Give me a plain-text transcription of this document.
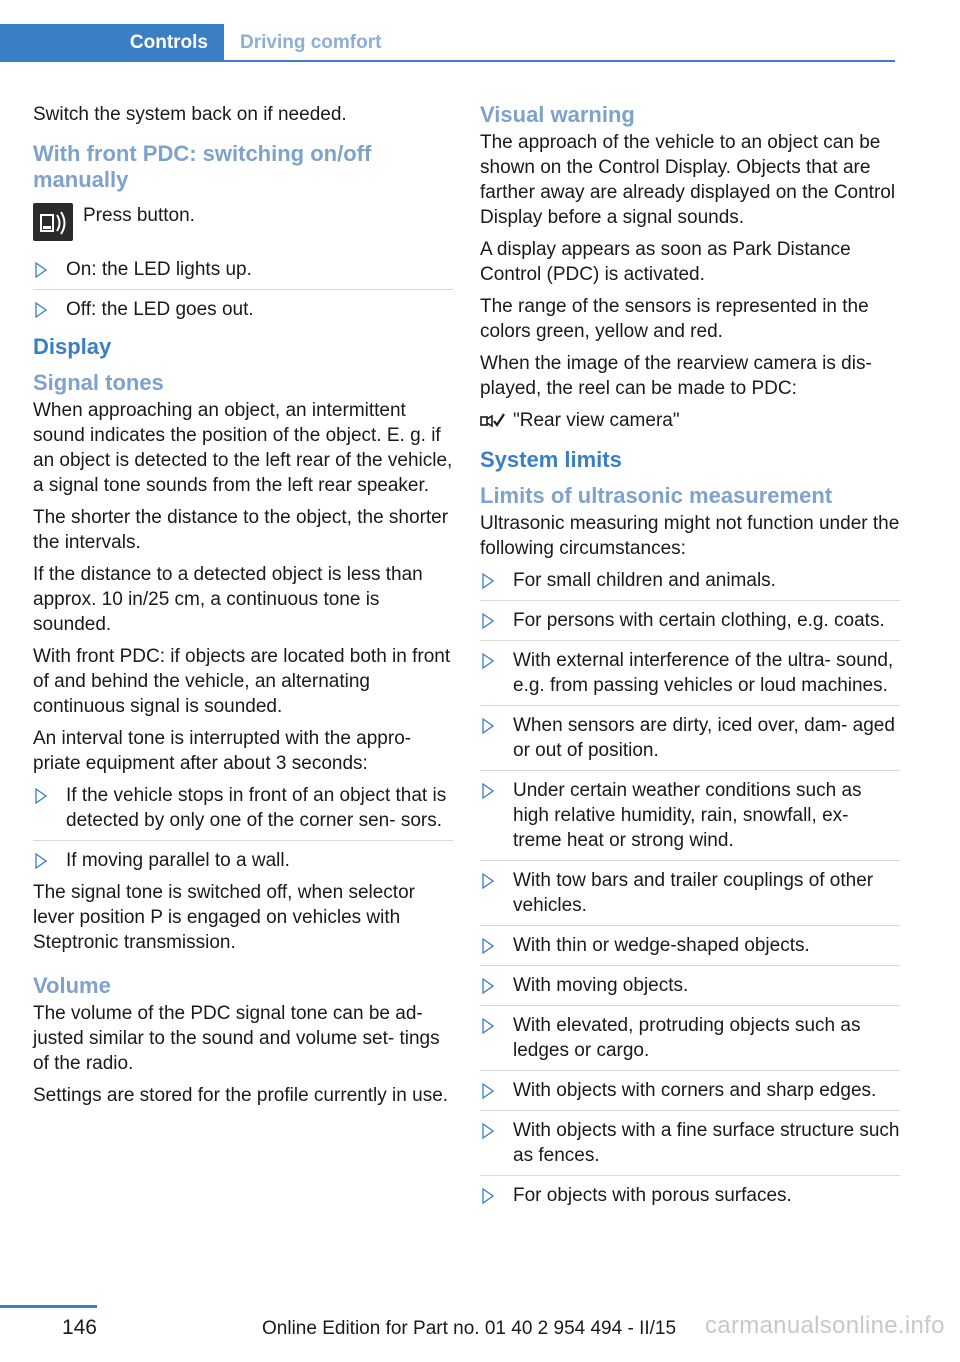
Controls	Driving comfort

Switch the system back on if needed.

With front PDC: switching on/off manually
Press button.
On: the LED lights up.
Off: the LED goes out.
Display
Signal tones

When approaching an object, an intermittent sound indicates the position of the object. E. g. if an object is detected to the left rear of the vehicle, a signal tone sounds from the left rear speaker.

The shorter the distance to the object, the shorter the intervals.

If the distance to a detected object is less than approx. 10 in/25 cm, a continuous tone is sounded.

With front PDC: if objects are located both in front of and behind the vehicle, an alternating continuous signal is sounded.

An interval tone is interrupted with the appro‐ priate equipment after about 3 seconds:

If the vehicle stops in front of an object that is detected by only one of the corner sen‐ sors.
If moving parallel to a wall.

The signal tone is switched off, when selector lever position P is engaged on vehicles with Steptronic transmission.

Volume

The volume of the PDC signal tone can be ad‐ justed similar to the sound and volume set‐ tings of the radio.

Settings are stored for the profile currently in use.

Visual warning

The approach of the vehicle to an object can be shown on the Control Display. Objects that are farther away are already displayed on the Control Display before a signal sounds.

A display appears as soon as Park Distance Control (PDC) is activated.

The range of the sensors is represented in the colors green, yellow and red.

When the image of the rearview camera is dis‐ played, the reel can be made to PDC:

"Rear view camera"
System limits
Limits of ultrasonic measurement

Ultrasonic measuring might not function under the following circumstances:

For small children and animals.
For persons with certain clothing, e.g. coats.
With external interference of the ultra‐ sound, e.g. from passing vehicles or loud machines.
When sensors are dirty, iced over, dam‐ aged or out of position.
Under certain weather conditions such as high relative humidity, rain, snowfall, ex‐ treme heat or strong wind.
With tow bars and trailer couplings of other vehicles.
With thin or wedge-shaped objects.
With moving objects.
With elevated, protruding objects such as ledges or cargo.
With objects with corners and sharp edges.
With objects with a fine surface structure such as fences.
For objects with porous surfaces.
146	Online Edition for Part no. 01 40 2 954 494 - II/15 carmanualsonline.info
